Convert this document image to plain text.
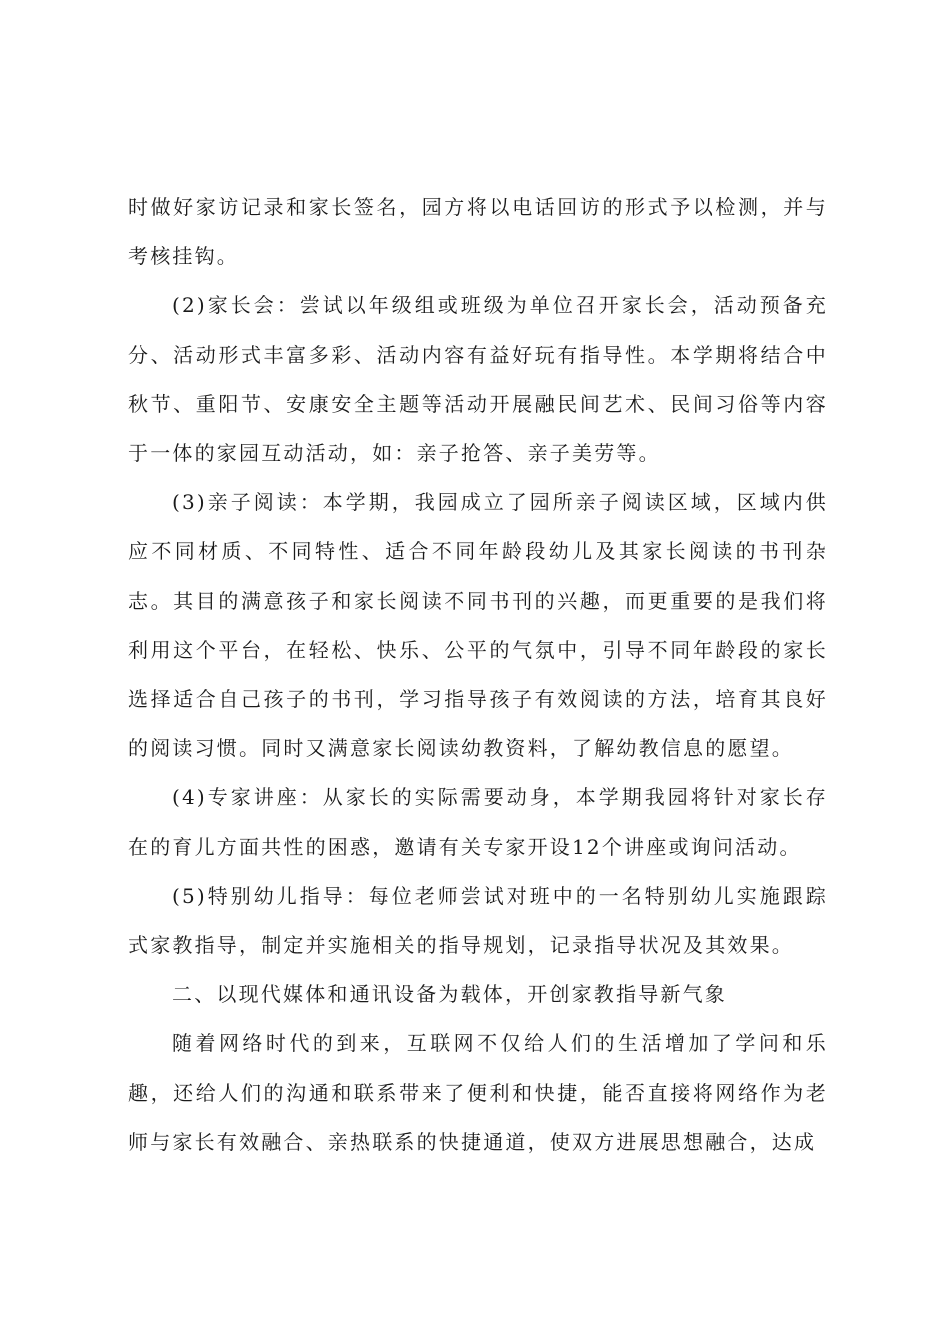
时做好家访记录和家长签名，园方将以电话回访的形式予以检测，并与考核挂钩。

(2)家长会：尝试以年级组或班级为单位召开家长会，活动预备充分、活动形式丰富多彩、活动内容有益好玩有指导性。本学期将结合中秋节、重阳节、安康安全主题等活动开展融民间艺术、民间习俗等内容于一体的家园互动活动，如：亲子抢答、亲子美劳等。

(3)亲子阅读：本学期，我园成立了园所亲子阅读区域，区域内供应不同材质、不同特性、适合不同年龄段幼儿及其家长阅读的书刊杂志。其目的满意孩子和家长阅读不同书刊的兴趣，而更重要的是我们将利用这个平台，在轻松、快乐、公平的气氛中，引导不同年龄段的家长选择适合自己孩子的书刊，学习指导孩子有效阅读的方法，培育其良好的阅读习惯。同时又满意家长阅读幼教资料，了解幼教信息的愿望。

(4)专家讲座：从家长的实际需要动身，本学期我园将针对家长存在的育儿方面共性的困惑，邀请有关专家开设12个讲座或询问活动。

(5)特别幼儿指导：每位老师尝试对班中的一名特别幼儿实施跟踪式家教指导，制定并实施相关的指导规划，记录指导状况及其效果。

二、以现代媒体和通讯设备为载体，开创家教指导新气象

随着网络时代的到来，互联网不仅给人们的生活增加了学问和乐趣，还给人们的沟通和联系带来了便利和快捷，能否直接将网络作为老师与家长有效融合、亲热联系的快捷通道，使双方进展思想融合，达成
